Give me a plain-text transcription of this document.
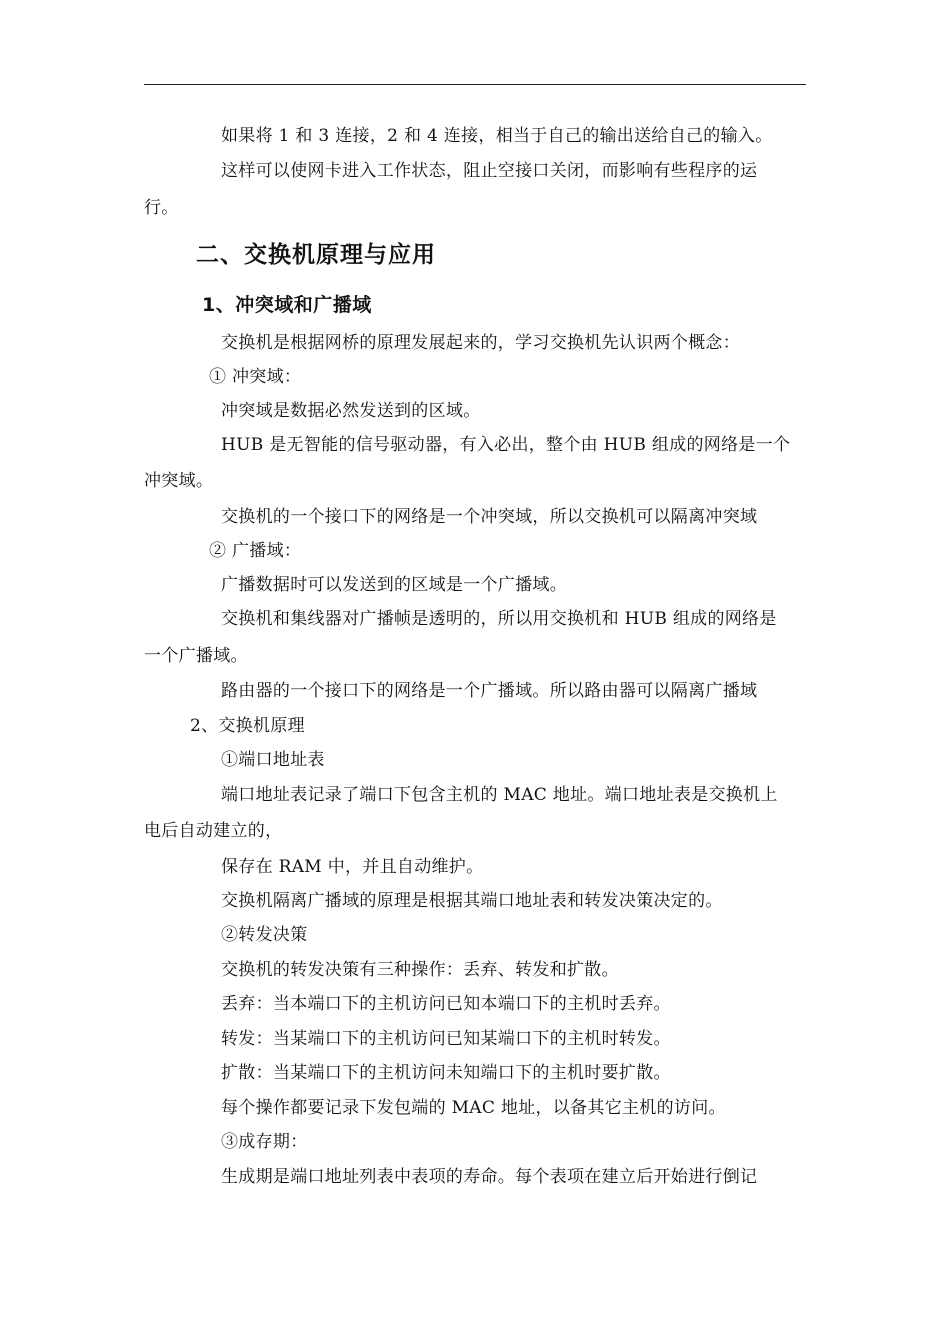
如果将 1 和 3 连接，2 和 4 连接，相当于自己的输出送给自己的输入。
这样可以使网卡进入工作状态，阻止空接口关闭，而影响有些程序的运
行。
二、交换机原理与应用
1、冲突域和广播域
交换机是根据网桥的原理发展起来的，学习交换机先认识两个概念：
① 冲突域：
冲突域是数据必然发送到的区域。
HUB 是无智能的信号驱动器，有入必出，整个由 HUB 组成的网络是一个
冲突域。
交换机的一个接口下的网络是一个冲突域，所以交换机可以隔离冲突域
② 广播域：
广播数据时可以发送到的区域是一个广播域。
交换机和集线器对广播帧是透明的，所以用交换机和 HUB 组成的网络是
一个广播域。
路由器的一个接口下的网络是一个广播域。所以路由器可以隔离广播域
2、交换机原理
①端口地址表
端口地址表记录了端口下包含主机的 MAC 地址。端口地址表是交换机上
电后自动建立的，
保存在 RAM 中，并且自动维护。
交换机隔离广播域的原理是根据其端口地址表和转发决策决定的。
②转发决策
交换机的转发决策有三种操作：丢弃、转发和扩散。
丢弃：当本端口下的主机访问已知本端口下的主机时丢弃。
转发：当某端口下的主机访问已知某端口下的主机时转发。
扩散：当某端口下的主机访问未知端口下的主机时要扩散。
每个操作都要记录下发包端的 MAC 地址，以备其它主机的访问。
③成存期：
生成期是端口地址列表中表项的寿命。每个表项在建立后开始进行倒记
